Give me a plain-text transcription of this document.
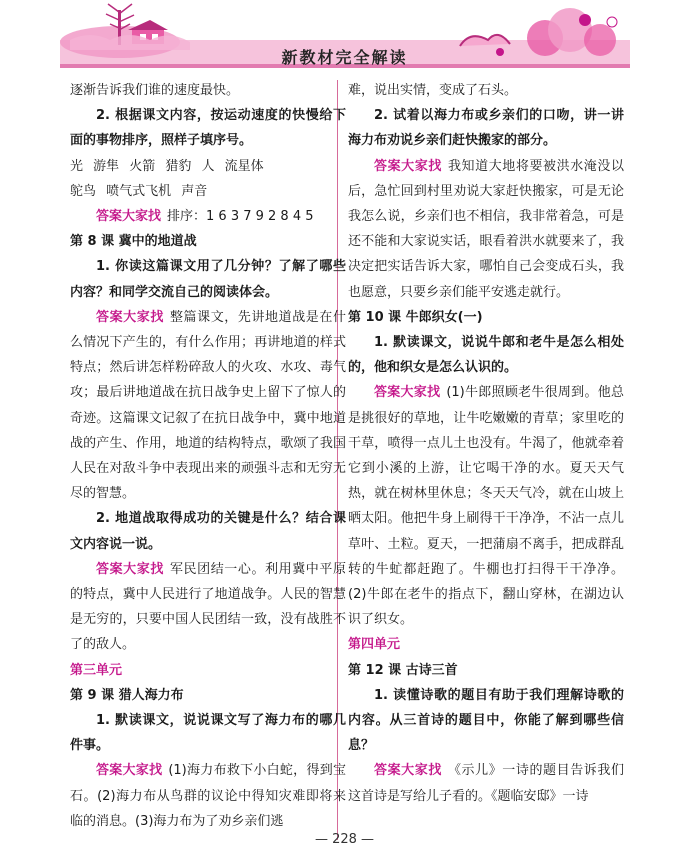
新教材完全解读

逐渐告诉我们谁的速度最快。

2. 根据课文内容，按运动速度的快慢给下面的事物排序，照样子填序号。

光 游隼 火箭 猎豹 人 流星体

鸵鸟 喷气式飞机 声音

答案大家找 排序：1 6 3 7 9 2 8 4 5

第 8 课 冀中的地道战

1. 你读这篇课文用了几分钟？了解了哪些内容？和同学交流自己的阅读体会。

答案大家找 整篇课文，先讲地道战是在什么情况下产生的，有什么作用；再讲地道的样式特点；然后讲怎样粉碎敌人的火攻、水攻、毒气攻；最后讲地道战在抗日战争史上留下了惊人的奇迹。这篇课文记叙了在抗日战争中，冀中地道战的产生、作用，地道的结构特点，歌颂了我国人民在对敌斗争中表现出来的顽强斗志和无穷无尽的智慧。

2. 地道战取得成功的关键是什么？结合课文内容说一说。

答案大家找 军民团结一心。利用冀中平原的特点，冀中人民进行了地道战争。人民的智慧是无穷的，只要中国人民团结一致，没有战胜不了的敌人。

第三单元

第 9 课 猎人海力布

1. 默读课文，说说课文写了海力布的哪几件事。

答案大家找 (1)海力布救下小白蛇，得到宝石。(2)海力布从鸟群的议论中得知灾难即将来临的消息。(3)海力布为了劝乡亲们逃

难，说出实情，变成了石头。

2. 试着以海力布或乡亲们的口吻，讲一讲海力布劝说乡亲们赶快搬家的部分。

答案大家找 我知道大地将要被洪水淹没以后，急忙回到村里劝说大家赶快搬家，可是无论我怎么说，乡亲们也不相信，我非常着急，可是还不能和大家说实话，眼看着洪水就要来了，我决定把实话告诉大家，哪怕自己会变成石头，我也愿意，只要乡亲们能平安逃走就行。

第 10 课 牛郎织女(一)

1. 默读课文，说说牛郎和老牛是怎么相处的，他和织女是怎么认识的。

答案大家找 (1)牛郎照顾老牛很周到。他总是挑很好的草地，让牛吃嫩嫩的青草；家里吃的干草，喷得一点儿土也没有。牛渴了，他就牵着它到小溪的上游，让它喝干净的水。夏天天气热，就在树林里休息；冬天天气冷，就在山坡上晒太阳。他把牛身上刷得干干净净，不沾一点儿草叶、土粒。夏天，一把蒲扇不离手，把成群乱转的牛虻都赶跑了。牛棚也打扫得干干净净。(2)牛郎在老牛的指点下，翻山穿林，在湖边认识了织女。

第四单元

第 12 课 古诗三首

1. 读懂诗歌的题目有助于我们理解诗歌的内容。从三首诗的题目中，你能了解到哪些信息？

答案大家找 《示儿》一诗的题目告诉我们这首诗是写给儿子看的。《题临安邸》一诗

— 228 —
